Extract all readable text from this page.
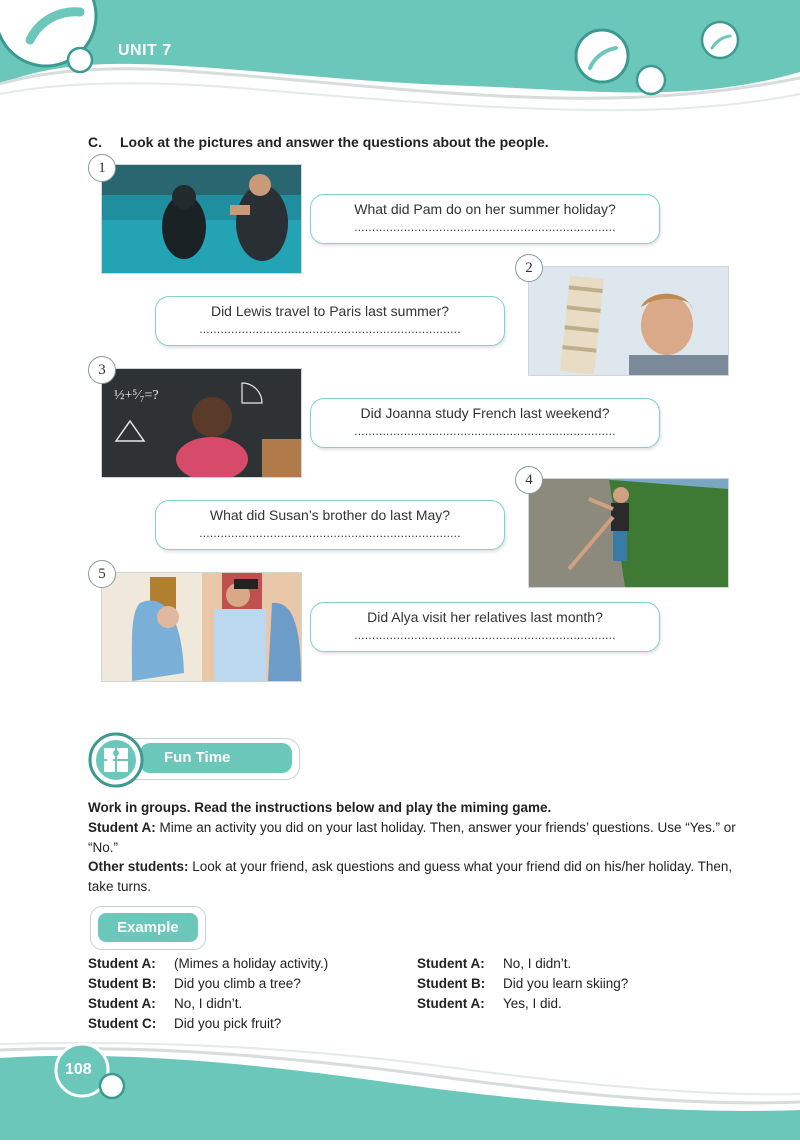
UNIT 7
C. Look at the pictures and answer the questions about the people.
1
What did Pam do on her summer holiday?
..........................................................................
2
Did Lewis travel to Paris last summer?
..........................................................................
½+⁵⁄₇=?
3
Did Joanna study French last weekend?
..........................................................................
4
What did Susan’s brother do last May?
..........................................................................
5
Did Alya visit her relatives last month?
..........................................................................
Fun Time
Work in groups. Read the instructions below and play the miming game.
Student A: Mime an activity you did on your last holiday. Then, answer your friends’ questions. Use “Yes.” or “No.”
Other students: Look at your friend, ask questions and guess what your friend did on his/her holiday. Then, take turns.
Example
Student A: (Mimes a holiday activity.)
Student B: Did you climb a tree?
Student A: No, I didn’t.
Student C: Did you pick fruit?
Student A: No, I didn’t.
Student B: Did you learn skiing?
Student A: Yes, I did.
108
